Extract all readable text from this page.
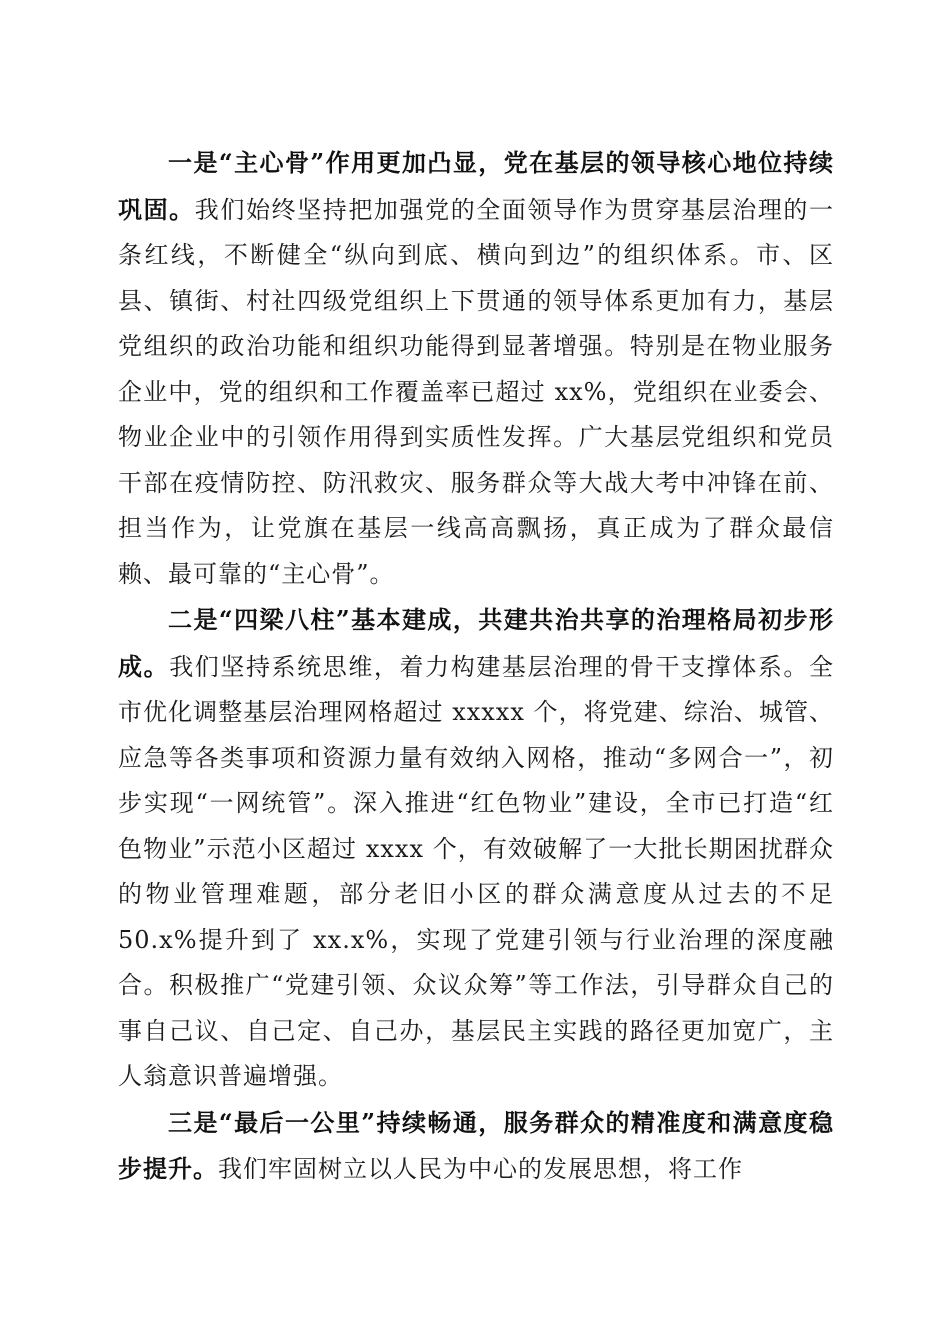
一是“主心骨”作用更加凸显，党在基层的领导核心地位持续巩固。我们始终坚持把加强党的全面领导作为贯穿基层治理的一条红线，不断健全“纵向到底、横向到边”的组织体系。市、区县、镇街、村社四级党组织上下贯通的领导体系更加有力，基层党组织的政治功能和组织功能得到显著增强。特别是在物业服务企业中，党的组织和工作覆盖率已超过 xx%，党组织在业委会、物业企业中的引领作用得到实质性发挥。广大基层党组织和党员干部在疫情防控、防汛救灾、服务群众等大战大考中冲锋在前、担当作为，让党旗在基层一线高高飘扬，真正成为了群众最信赖、最可靠的“主心骨”。

二是“四梁八柱”基本建成，共建共治共享的治理格局初步形成。我们坚持系统思维，着力构建基层治理的骨干支撑体系。全市优化调整基层治理网格超过 xxxxx 个，将党建、综治、城管、应急等各类事项和资源力量有效纳入网格，推动“多网合一”，初步实现“一网统管”。深入推进“红色物业”建设，全市已打造“红色物业”示范小区超过 xxxx 个，有效破解了一大批长期困扰群众的物业管理难题，部分老旧小区的群众满意度从过去的不足 50.x%提升到了 xx.x%，实现了党建引领与行业治理的深度融合。积极推广“党建引领、众议众筹”等工作法，引导群众自己的事自己议、自己定、自己办，基层民主实践的路径更加宽广，主人翁意识普遍增强。

三是“最后一公里”持续畅通，服务群众的精准度和满意度稳步提升。我们牢固树立以人民为中心的发展思想，将工作
